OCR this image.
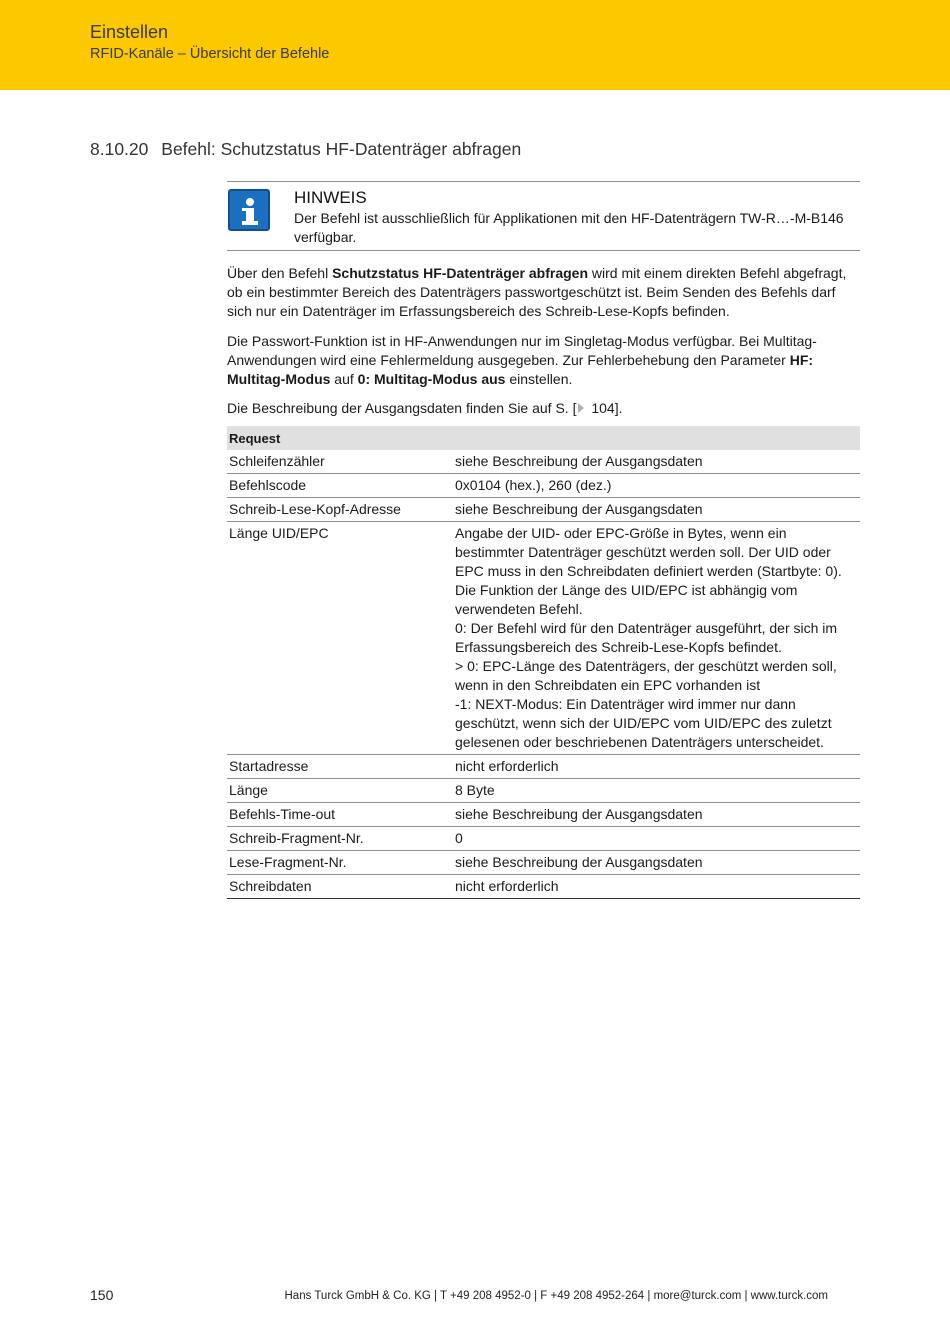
Einstellen
RFID-Kanäle – Übersicht der Befehle
8.10.20 Befehl: Schutzstatus HF-Datenträger abfragen
HINWEIS
Der Befehl ist ausschließlich für Applikationen mit den HF-Datenträgern TW-R…-M-B146 verfügbar.
Über den Befehl Schutzstatus HF-Datenträger abfragen wird mit einem direkten Befehl abgefragt, ob ein bestimmter Bereich des Datenträgers passwortgeschützt ist. Beim Senden des Befehls darf sich nur ein Datenträger im Erfassungsbereich des Schreib-Lese-Kopfs befinden.
Die Passwort-Funktion ist in HF-Anwendungen nur im Singletag-Modus verfügbar. Bei Multitag-Anwendungen wird eine Fehlermeldung ausgegeben. Zur Fehlerbehebung den Parameter HF: Multitag-Modus auf 0: Multitag-Modus aus einstellen.
Die Beschreibung der Ausgangsdaten finden Sie auf S. [ 104].
Request	
Schleifenzähler	siehe Beschreibung der Ausgangsdaten
Befehlscode	0x0104 (hex.), 260 (dez.)
Schreib-Lese-Kopf-Adresse	siehe Beschreibung der Ausgangsdaten
Länge UID/EPC	Angabe der UID- oder EPC-Größe in Bytes, wenn ein bestimmter Datenträger geschützt werden soll. Der UID oder EPC muss in den Schreibdaten definiert werden (Startbyte: 0). Die Funktion der Länge des UID/EPC ist abhängig vom verwendeten Befehl.
0: Der Befehl wird für den Datenträger ausgeführt, der sich im Erfassungsbereich des Schreib-Lese-Kopfs befindet.
> 0: EPC-Länge des Datenträgers, der geschützt werden soll, wenn in den Schreibdaten ein EPC vorhanden ist
-1: NEXT-Modus: Ein Datenträger wird immer nur dann geschützt, wenn sich der UID/EPC vom UID/EPC des zuletzt gelesenen oder beschriebenen Datenträgers unterscheidet.

Startadresse	nicht erforderlich
Länge	8 Byte
Befehls-Time-out	siehe Beschreibung der Ausgangsdaten
Schreib-Fragment-Nr.	0
Lese-Fragment-Nr.	siehe Beschreibung der Ausgangsdaten
Schreibdaten	nicht erforderlich
150	Hans Turck GmbH & Co. KG | T +49 208 4952-0 | F +49 208 4952-264 | more@turck.com | www.turck.com
